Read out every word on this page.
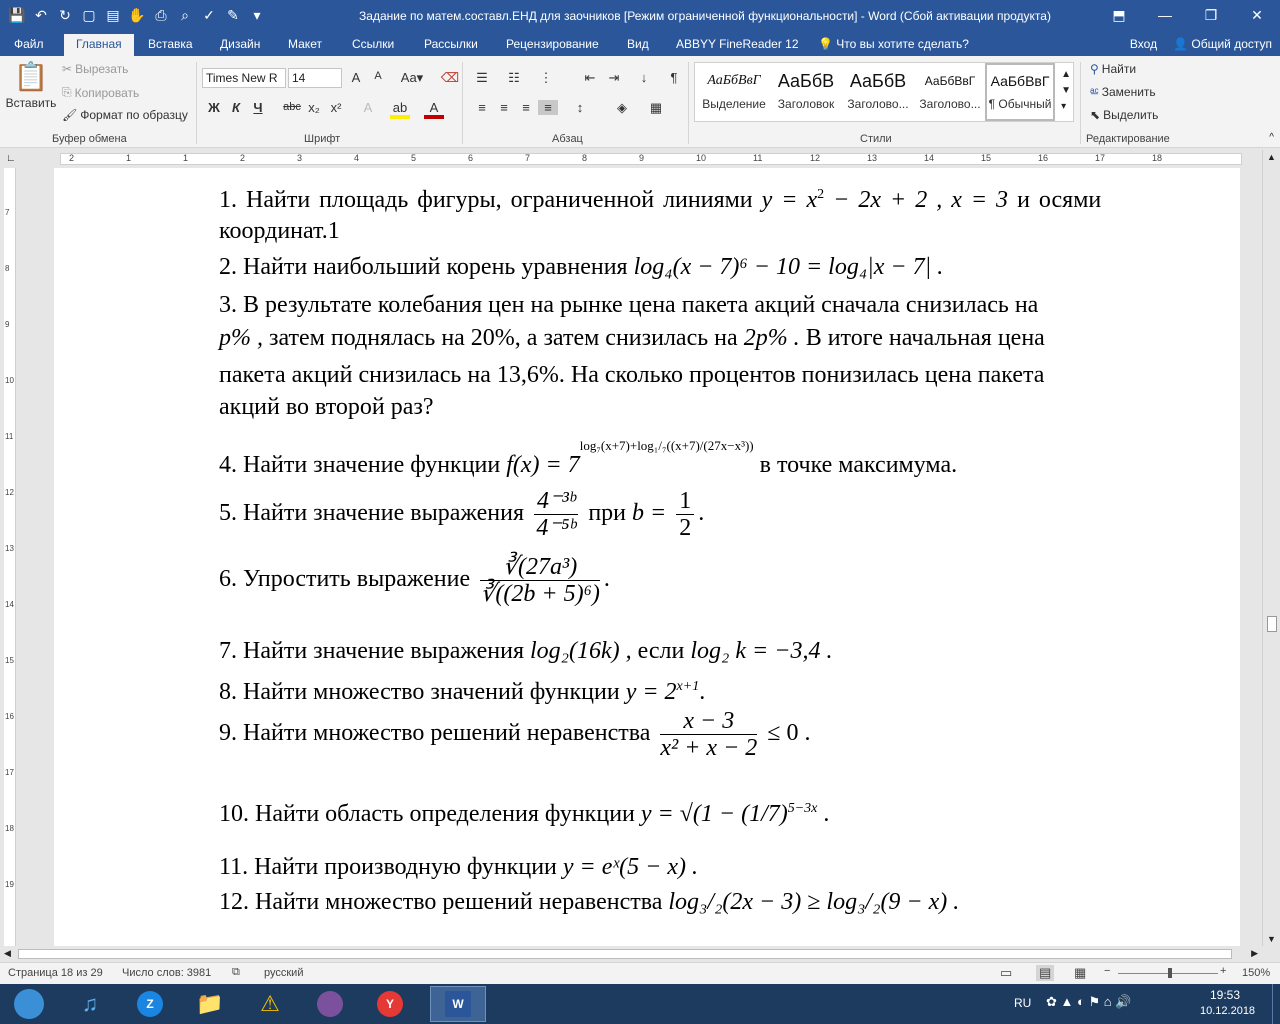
💾 ↶ ↻ ▢ ▤ ✋ ⎙	⌕	✓ ✎	▾	Задание по матем.составл.ЕНД для заочников [Режим ограниченной функциональности] - Word (Сбой активации продукта)	⬒	—	❐	✕
Файл	Главная	Вставка Дизайн Макет	Ссылки Рассылки Рецензирование Вид ABBYY FineReader 12 💡 Что вы хотите сделать?	Вход 👤 Общий доступ
📋
Вставить
✂ Вырезать
⎘ Копировать
🖌 Формат по образцу
Буфер обмена
Times New R	14	A	A	Aa▾ ⌫
Ж К	Ч	abc x₂ x²	A	ab	A
Шрифт
☰	☷	⋮	⇤	⇥	↓	¶
≡	≡	≡	≡	↕	◈	▦
Абзац
АаБбВвГ
Выделение
АаБбВ
Заголовок
АаБбВ
Заголово...
АаБбВвГ
Заголово...
АаБбВвГ
¶ Обычный
▲
▼
▾
Стили
⚲ Найти
ᵃ̶ᶜ Заменить
⬉ Выделить
Редактирование	^
∟	2	1	1	2	3	4	5	6	7	8	9	10	11	12	13	14	15	16	17	18
7
8
9
10
11
12
13
14
15
16
17
18
19
1. Найти площадь фигуры, ограниченной линиями $y = x^2 - 2x + 2$ , x = 3 и осями
координат.1
2. Найти наибольший корень уравнения log₄(x − 7)⁶ − 10 = log₄|x − 7| .
3. В результате колебания цен на рынке цена пакета акций сначала снизилась на
p% , затем поднялась на 20%, а затем снизилась на 2p% . В итоге начальная цена
пакета акций снизилась на 13,6%. На сколько процентов понизилась цена пакета
акций во второй раз?
4. Найти значение функции $f(x) = 7^{log_7(x+7)+log_1/_7((x+7)/(27x-x^3))}$ в точке максимума.
5. Найти значение выражения $\frac{\text{4⁻³ᵇ}}{\text{4⁻⁵ᵇ}}$ при $b = \frac{1}{2}$ .
6. Упростить выражение $\frac{\text{∛(27a³)}}{\text{∛((2b + 5)⁶)}}$ .
7. Найти значение выражения log₂(16k) , если log₂ k = −3,4 .
8. Найти множество значений функции $y = 2^{x+1}$.
9. Найти множество решений неравенства $\frac{x - 3}{\text{x² + x − 2}} \le 0$ .
10. Найти область определения функции $y = √(1 - (1/7)^{5-3x}$ .
11. Найти производную функции y = eˣ(5 − x) .
12. Найти множество решений неравенства log₃/₂(2x − 3) ≥ log₃/₂(9 − x) .
▲
▼
◀	▶
Страница 18 из 29 Число слов: 3981 ⧉ русский	▭ ▤ ▦ −	+ 150%
♫	Z	📁 ⚠	Y	W	RU ✿ ▲ ◐ ⚑ ⌂ 🔊	19:53
10.12.2018
